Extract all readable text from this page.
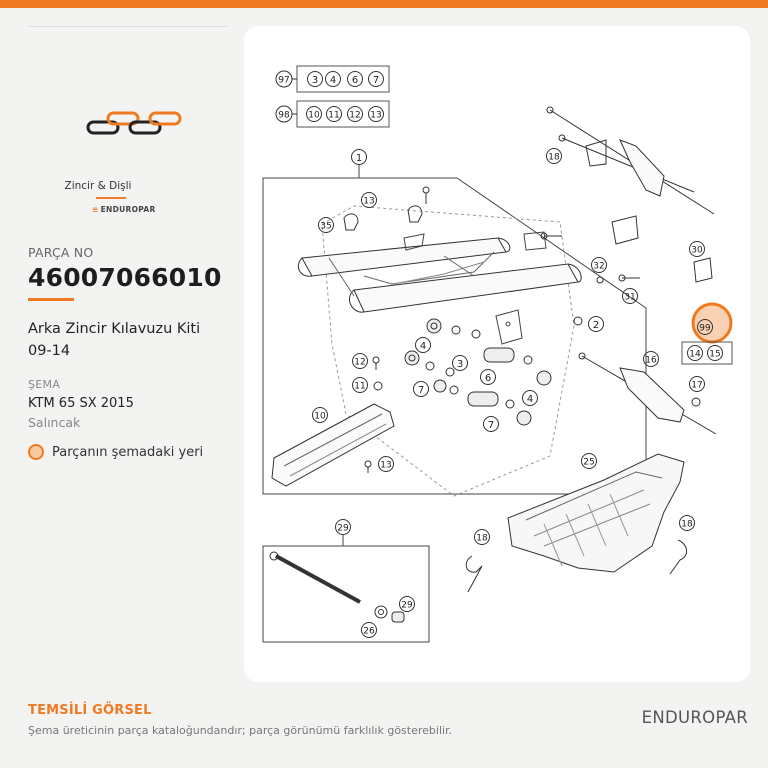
Zincir & Dişli
≡ ENDUROPAR
PARÇA NO
46007066010
Arka Zincir Kılavuzu Kiti 09-14
ŞEMA
KTM 65 SX 2015
Salıncak
Parçanın şemadaki yeri
97 3 4 6 7
98 10 11 12 13
1
13
35
2
32
31
4
3
6
7
4
7
12
11
10
13
18
30
99
14 15
16
17
25
18
18
29
29
26
TEMSİLİ GÖRSEL
Şema üreticinin parça kataloğundandır; parça görünümü farklılık gösterebilir.
ENDUROPAR
